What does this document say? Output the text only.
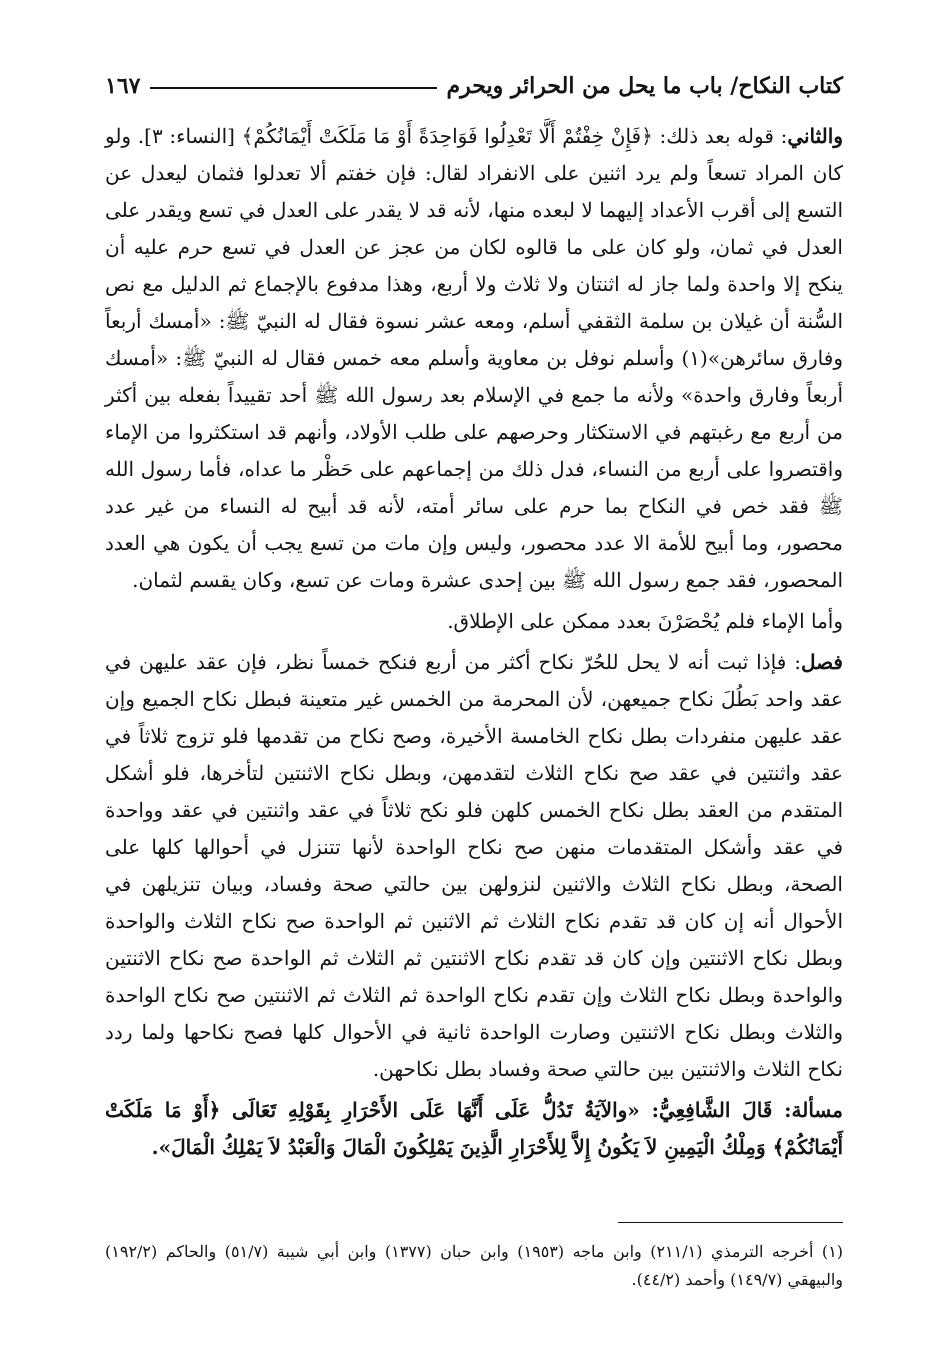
كتاب النكاح/ باب ما يحل من الحرائر ويحرم
١٦٧

والثاني: قوله بعد ذلك: ﴿فَإِنْ خِفْتُمْ أَلَّا تَعْدِلُوا فَوَاحِدَةً أَوْ مَا مَلَكَتْ أَيْمَانُكُمْ﴾ [النساء: ٣]. ولو كان المراد تسعاً ولم يرد اثنين على الانفراد لقال: فإن خفتم ألا تعدلوا فثمان ليعدل عن التسع إلى أقرب الأعداد إليهما لا لبعده منها، لأنه قد لا يقدر على العدل في تسع ويقدر على العدل في ثمان، ولو كان على ما قالوه لكان من عجز عن العدل في تسع حرم عليه أن ينكح إلا واحدة ولما جاز له اثنتان ولا ثلاث ولا أربع، وهذا مدفوع بالإجماع ثم الدليل مع نص السُّنة أن غيلان بن سلمة الثقفي أسلم، ومعه عشر نسوة فقال له النبيّ ﷺ: «أمسك أربعاً وفارق سائرهن»(١) وأسلم نوفل بن معاوية وأسلم معه خمس فقال له النبيّ ﷺ: «أمسك أربعاً وفارق واحدة» ولأنه ما جمع في الإسلام بعد رسول الله ﷺ أحد تقييداً بفعله بين أكثر من أربع مع رغبتهم في الاستكثار وحرصهم على طلب الأولاد، وأنهم قد استكثروا من الإماء واقتصروا على أربع من النساء، فدل ذلك من إجماعهم على حَظْر ما عداه، فأما رسول الله ﷺ فقد خص في النكاح بما حرم على سائر أمته، لأنه قد أبيح له النساء من غير عدد محصور، وما أبيح للأمة الا عدد محصور، وليس وإن مات من تسع يجب أن يكون هي العدد المحصور، فقد جمع رسول الله ﷺ بين إحدى عشرة ومات عن تسع، وكان يقسم لثمان.

وأما الإماء فلم يُحْصَرْنَ بعدد ممكن على الإطلاق.

فصل: فإذا ثبت أنه لا يحل للحُرّ نكاح أكثر من أربع فنكح خمساً نظر، فإن عقد عليهن في عقد واحد بَطُلَ نكاح جميعهن، لأن المحرمة من الخمس غير متعينة فبطل نكاح الجميع وإن عقد عليهن منفردات بطل نكاح الخامسة الأخيرة، وصح نكاح من تقدمها فلو تزوج ثلاثاً في عقد واثنتين في عقد صح نكاح الثلاث لتقدمهن، وبطل نكاح الاثنتين لتأخرها، فلو أشكل المتقدم من العقد بطل نكاح الخمس كلهن فلو نكح ثلاثاً في عقد واثنتين في عقد وواحدة في عقد وأشكل المتقدمات منهن صح نكاح الواحدة لأنها تتنزل في أحوالها كلها على الصحة، وبطل نكاح الثلاث والاثنين لنزولهن بين حالتي صحة وفساد، وبيان تنزيلهن في الأحوال أنه إن كان قد تقدم نكاح الثلاث ثم الاثنين ثم الواحدة صح نكاح الثلاث والواحدة وبطل نكاح الاثنتين وإن كان قد تقدم نكاح الاثنتين ثم الثلاث ثم الواحدة صح نكاح الاثنتين والواحدة وبطل نكاح الثلاث وإن تقدم نكاح الواحدة ثم الثلاث ثم الاثنتين صح نكاح الواحدة والثلاث وبطل نكاح الاثنتين وصارت الواحدة ثانية في الأحوال كلها فصح نكاحها ولما ردد نكاح الثلاث والاثنتين بين حالتي صحة وفساد بطل نكاحهن.

مسألة: قَالَ الشَّافِعِيُّ: «والآيَةُ تَدُلُّ عَلَى أَنَّهَا عَلَى الأَحْرَارِ بِقَوْلِهِ تَعَالَى ﴿أَوْ مَا مَلَكَتْ أَيْمَانُكُمْ﴾ وَمِلْكُ الْيَمِينِ لاَ يَكُونُ إِلاَّ لِلأَحْرَارِ الَّذِينَ يَمْلِكُونَ الْمَالَ وَالْعَبْدُ لاَ يَمْلِكُ الْمَالَ».

(١) أخرجه الترمذي (٢١١/١) وابن ماجه (١٩٥٣) وابن حبان (١٣٧٧) وابن أبي شيبة (٥١/٧) والحاكم (١٩٢/٢) والبيهقي (١٤٩/٧) وأحمد (٤٤/٢).
